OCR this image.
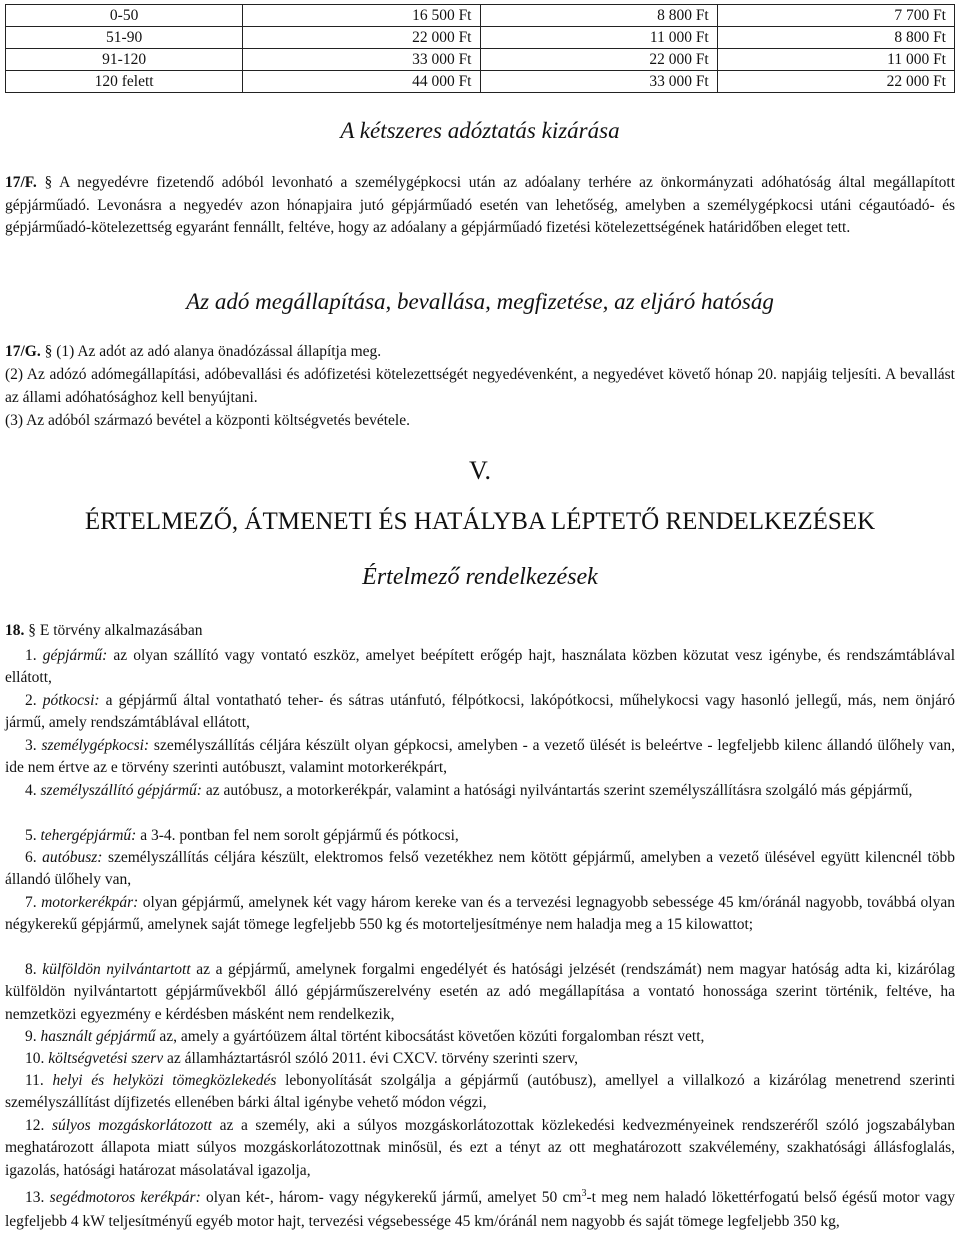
0-50	16 500 Ft	8 800 Ft	7 700 Ft
51-90	22 000 Ft	11 000 Ft	8 800 Ft
91-120	33 000 Ft	22 000 Ft	11 000 Ft
120 felett	44 000 Ft	33 000 Ft	22 000 Ft
A kétszeres adóztatás kizárása

17/F. § A negyedévre fizetendő adóból levonható a személygépkocsi után az adóalany terhére az önkormányzati adóhatóság által megállapított gépjárműadó. Levonásra a negyedév azon hónapjaira jutó gépjárműadó esetén van lehetőség, amelyben a személygépkocsi utáni cégautóadó- és gépjárműadó-kötelezettség egyaránt fennállt, feltéve, hogy az adóalany a gépjárműadó fizetési kötelezettségének határidőben eleget tett.

Az adó megállapítása, bevallása, megfizetése, az eljáró hatóság

17/G. § (1) Az adót az adó alanya önadózással állapítja meg.

(2) Az adózó adómegállapítási, adóbevallási és adófizetési kötelezettségét negyedévenként, a negyedévet követő hónap 20. napjáig teljesíti. A bevallást az állami adóhatósághoz kell benyújtani.

(3) Az adóból származó bevétel a központi költségvetés bevétele.

V.
ÉRTELMEZŐ, ÁTMENETI ÉS HATÁLYBA LÉPTETŐ RENDELKEZÉSEK
Értelmező rendelkezések

18. § E törvény alkalmazásában

1. gépjármű: az olyan szállító vagy vontató eszköz, amelyet beépített erőgép hajt, használata közben közutat vesz igénybe, és rendszámtáblával ellátott,

2. pótkocsi: a gépjármű által vontatható teher- és sátras utánfutó, félpótkocsi, lakópótkocsi, műhelykocsi vagy hasonló jellegű, más, nem önjáró jármű, amely rendszámtáblával ellátott,

3. személygépkocsi: személyszállítás céljára készült olyan gépkocsi, amelyben - a vezető ülését is beleértve - legfeljebb kilenc állandó ülőhely van, ide nem értve az e törvény szerinti autóbuszt, valamint motorkerékpárt,

4. személyszállító gépjármű: az autóbusz, a motorkerékpár, valamint a hatósági nyilvántartás szerint személyszállításra szolgáló más gépjármű,

5. tehergépjármű: a 3-4. pontban fel nem sorolt gépjármű és pótkocsi,

6. autóbusz: személyszállítás céljára készült, elektromos felső vezetékhez nem kötött gépjármű, amelyben a vezető ülésével együtt kilencnél több állandó ülőhely van,

7. motorkerékpár: olyan gépjármű, amelynek két vagy három kereke van és a tervezési legnagyobb sebessége 45 km/óránál nagyobb, továbbá olyan négykerekű gépjármű, amelynek saját tömege legfeljebb 550 kg és motorteljesítménye nem haladja meg a 15 kilowattot;

8. külföldön nyilvántartott az a gépjármű, amelynek forgalmi engedélyét és hatósági jelzését (rendszámát) nem magyar hatóság adta ki, kizárólag külföldön nyilvántartott gépjárművekből álló gépjárműszerelvény esetén az adó megállapítása a vontató honossága szerint történik, feltéve, ha nemzetközi egyezmény e kérdésben másként nem rendelkezik,

9. használt gépjármű az, amely a gyártóüzem által történt kibocsátást követően közúti forgalomban részt vett,

10. költségvetési szerv az államháztartásról szóló 2011. évi CXCV. törvény szerinti szerv,

11. helyi és helyközi tömegközlekedés lebonyolítását szolgálja a gépjármű (autóbusz), amellyel a villalkozó a kizárólag menetrend szerinti személyszállítást díjfizetés ellenében bárki által igénybe vehető módon végzi,

12. súlyos mozgáskorlátozott az a személy, aki a súlyos mozgáskorlátozottak közlekedési kedvezményeinek rendszeréről szóló jogszabályban meghatározott állapota miatt súlyos mozgáskorlátozottnak minősül, és ezt a tényt az ott meghatározott szakvélemény, szakhatósági állásfoglalás, igazolás, hatósági határozat másolatával igazolja,

13. segédmotoros kerékpár: olyan két-, három- vagy négykerekű jármű, amelyet 50 $cm^3-t$ meg nem haladó lökettérfogatú belső égésű motor vagy legfeljebb 4 kW teljesítményű egyéb motor hajt, tervezési végsebessége 45 km/óránál nem nagyobb és saját tömege legfeljebb 350 kg,
